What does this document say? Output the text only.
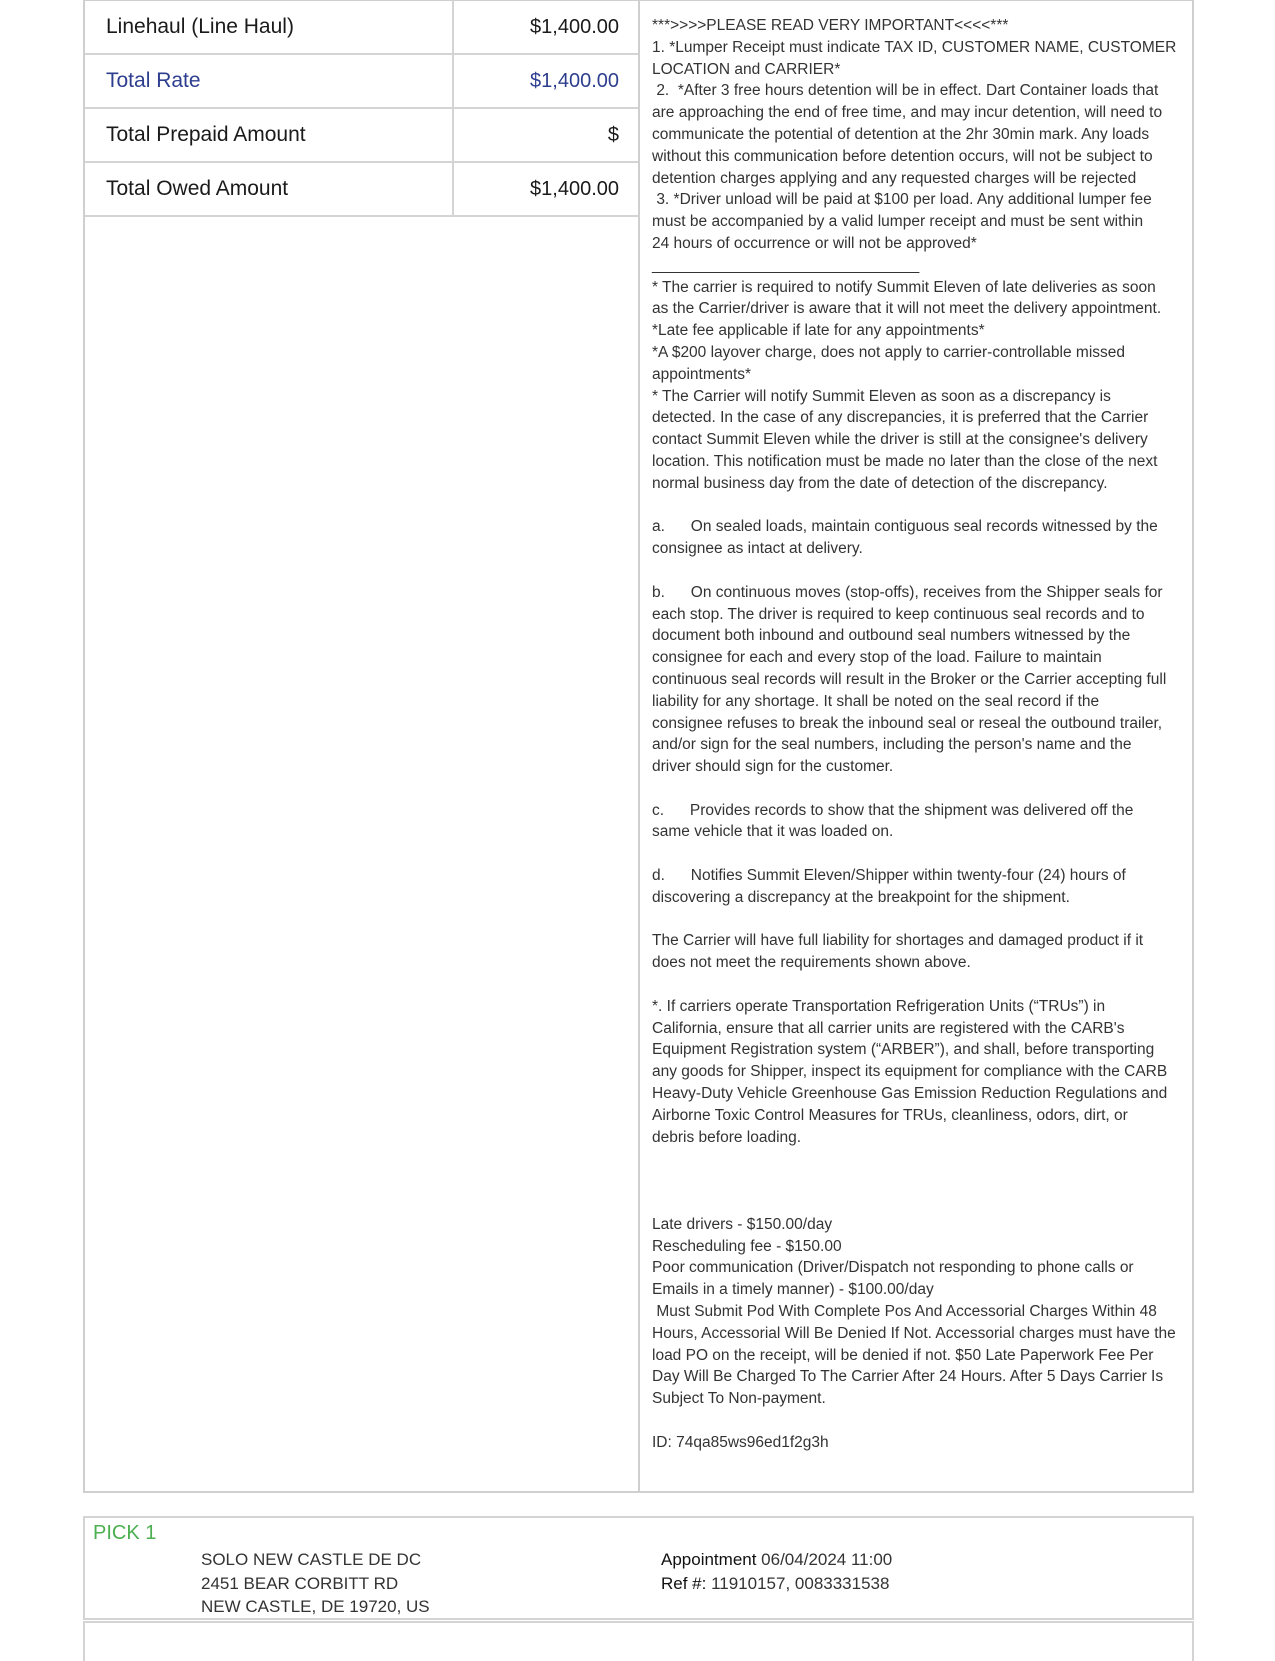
Linehaul (Line Haul)	$1,400.00
Total Rate	$1,400.00
Total Prepaid Amount	$
Total Owed Amount	$1,400.00
***>>>>PLEASE READ VERY IMPORTANT<<<<***
1. *Lumper Receipt must indicate TAX ID, CUSTOMER NAME, CUSTOMER
LOCATION and CARRIER*
2.  *After 3 free hours detention will be in effect. Dart Container loads that
are approaching the end of free time, and may incur detention, will need to
communicate the potential of detention at the 2hr 30min mark. Any loads
without this communication before detention occurs, will not be subject to
detention charges applying and any requested charges will be rejected
3. *Driver unload will be paid at $100 per load. Any additional lumper fee
must be accompanied by a valid lumper receipt and must be sent within
24 hours of occurrence or will not be approved*
_______________________________
* The carrier is required to notify Summit Eleven of late deliveries as soon
as the Carrier/driver is aware that it will not meet the delivery appointment.
*Late fee applicable if late for any appointments*
*A $200 layover charge, does not apply to carrier-controllable missed
appointments*
* The Carrier will notify Summit Eleven as soon as a discrepancy is
detected. In the case of any discrepancies, it is preferred that the Carrier
contact Summit Eleven while the driver is still at the consignee's delivery
location. This notification must be made no later than the close of the next
normal business day from the date of detection of the discrepancy.

a.      On sealed loads, maintain contiguous seal records witnessed by the
consignee as intact at delivery.

b.      On continuous moves (stop-offs), receives from the Shipper seals for
each stop. The driver is required to keep continuous seal records and to
document both inbound and outbound seal numbers witnessed by the
consignee for each and every stop of the load. Failure to maintain
continuous seal records will result in the Broker or the Carrier accepting full
liability for any shortage. It shall be noted on the seal record if the
consignee refuses to break the inbound seal or reseal the outbound trailer,
and/or sign for the seal numbers, including the person's name and the
driver should sign for the customer.

c.      Provides records to show that the shipment was delivered off the
same vehicle that it was loaded on.

d.      Notifies Summit Eleven/Shipper within twenty-four (24) hours of
discovering a discrepancy at the breakpoint for the shipment.

The Carrier will have full liability for shortages and damaged product if it
does not meet the requirements shown above.

*. If carriers operate Transportation Refrigeration Units (“TRUs”) in
California, ensure that all carrier units are registered with the CARB's
Equipment Registration system (“ARBER”), and shall, before transporting
any goods for Shipper, inspect its equipment for compliance with the CARB
Heavy-Duty Vehicle Greenhouse Gas Emission Reduction Regulations and
Airborne Toxic Control Measures for TRUs, cleanliness, odors, dirt, or
debris before loading.

Late drivers - $150.00/day
Rescheduling fee - $150.00
Poor communication (Driver/Dispatch not responding to phone calls or
Emails in a timely manner) - $100.00/day
Must Submit Pod With Complete Pos And Accessorial Charges Within 48
Hours, Accessorial Will Be Denied If Not. Accessorial charges must have the
load PO on the receipt, will be denied if not. $50 Late Paperwork Fee Per
Day Will Be Charged To The Carrier After 24 Hours. After 5 Days Carrier Is
Subject To Non-payment.

ID: 74qa85ws96ed1f2g3h
PICK 1
SOLO NEW CASTLE DE DC
2451 BEAR CORBITT RD
NEW CASTLE, DE 19720, US
Appointment 06/04/2024 11:00
Ref #: 11910157, 0083331538
